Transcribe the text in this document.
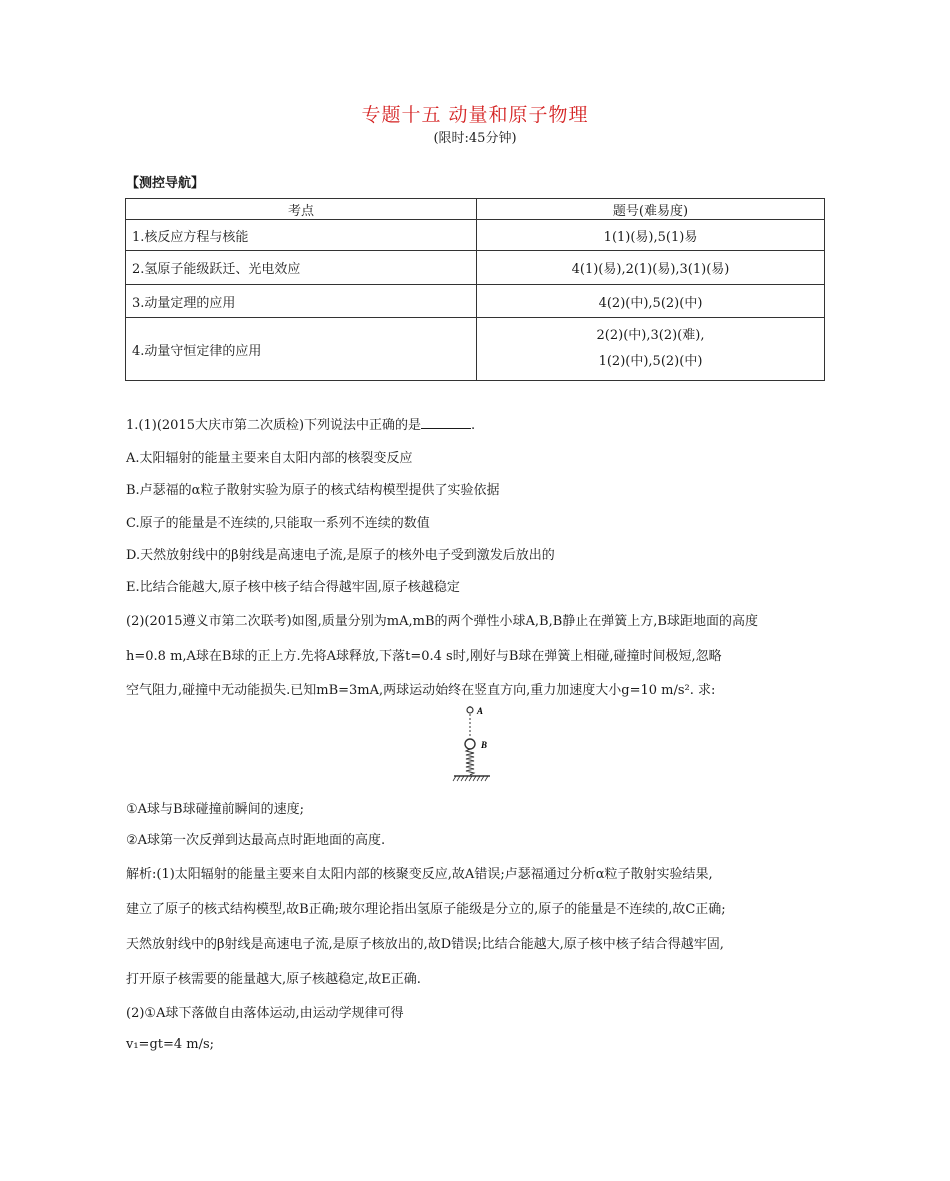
专题十五 动量和原子物理
(限时:45分钟)
【测控导航】
考点	题号(难易度)
1.核反应方程与核能	1(1)(易),5(1)易
2.氢原子能级跃迁、光电效应	4(1)(易),2(1)(易),3(1)(易)
3.动量定理的应用	4(2)(中),5(2)(中)
4.动量守恒定律的应用	2(2)(中),3(2)(难),
1(2)(中),5(2)(中)
1.(1)(2015大庆市第二次质检)下列说法中正确的是	.
A.太阳辐射的能量主要来自太阳内部的核裂变反应
B.卢瑟福的α粒子散射实验为原子的核式结构模型提供了实验依据
C.原子的能量是不连续的,只能取一系列不连续的数值
D.天然放射线中的β射线是高速电子流,是原子的核外电子受到激发后放出的
E.比结合能越大,原子核中核子结合得越牢固,原子核越稳定
(2)(2015遵义市第二次联考)如图,质量分别为mA,mB的两个弹性小球A,B,B静止在弹簧上方,B球距地面的高度
h=0.8 m,A球在B球的正上方.先将A球释放,下落t=0.4 s时,刚好与B球在弹簧上相碰,碰撞时间极短,忽略
空气阻力,碰撞中无动能损失.已知mB=3mA,两球运动始终在竖直方向,重力加速度大小g=10 m/s². 求:
A
B
①A球与B球碰撞前瞬间的速度;
②A球第一次反弹到达最高点时距地面的高度.
解析:(1)太阳辐射的能量主要来自太阳内部的核聚变反应,故A错误;卢瑟福通过分析α粒子散射实验结果,
建立了原子的核式结构模型,故B正确;玻尔理论指出氢原子能级是分立的,原子的能量是不连续的,故C正确;
天然放射线中的β射线是高速电子流,是原子核放出的,故D错误;比结合能越大,原子核中核子结合得越牢固,
打开原子核需要的能量越大,原子核越稳定,故E正确.
(2)①A球下落做自由落体运动,由运动学规律可得
v₁=gt=4 m/s;
